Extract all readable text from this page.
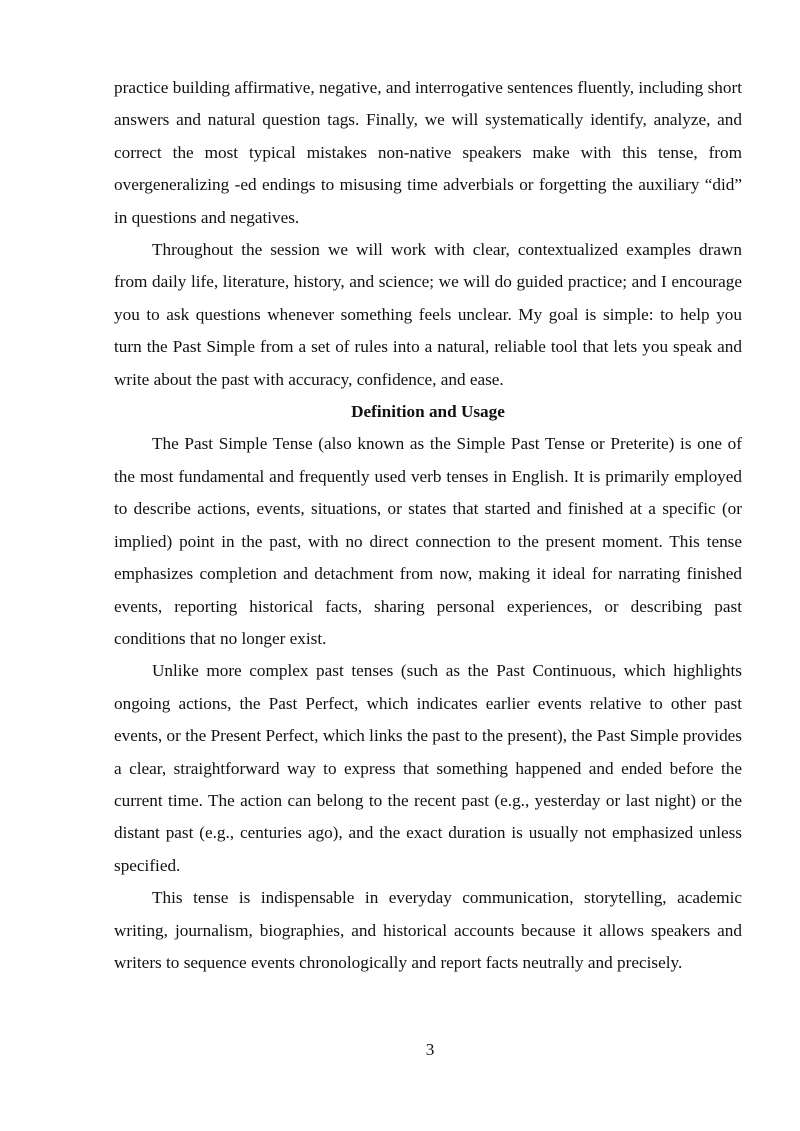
practice building affirmative, negative, and interrogative sentences fluently, including short answers and natural question tags. Finally, we will systematically identify, analyze, and correct the most typical mistakes non-native speakers make with this tense, from overgeneralizing -ed endings to misusing time adverbials or forgetting the auxiliary “did” in questions and negatives.

Throughout the session we will work with clear, contextualized examples drawn from daily life, literature, history, and science; we will do guided practice; and I encourage you to ask questions whenever something feels unclear. My goal is simple: to help you turn the Past Simple from a set of rules into a natural, reliable tool that lets you speak and write about the past with accuracy, confidence, and ease.

Definition and Usage

The Past Simple Tense (also known as the Simple Past Tense or Preterite) is one of the most fundamental and frequently used verb tenses in English. It is primarily employed to describe actions, events, situations, or states that started and finished at a specific (or implied) point in the past, with no direct connection to the present moment. This tense emphasizes completion and detachment from now, making it ideal for narrating finished events, reporting historical facts, sharing personal experiences, or describing past conditions that no longer exist.

Unlike more complex past tenses (such as the Past Continuous, which highlights ongoing actions, the Past Perfect, which indicates earlier events relative to other past events, or the Present Perfect, which links the past to the present), the Past Simple provides a clear, straightforward way to express that something happened and ended before the current time. The action can belong to the recent past (e.g., yesterday or last night) or the distant past (e.g., centuries ago), and the exact duration is usually not emphasized unless specified.

This tense is indispensable in everyday communication, storytelling, academic writing, journalism, biographies, and historical accounts because it allows speakers and writers to sequence events chronologically and report facts neutrally and precisely.

3
